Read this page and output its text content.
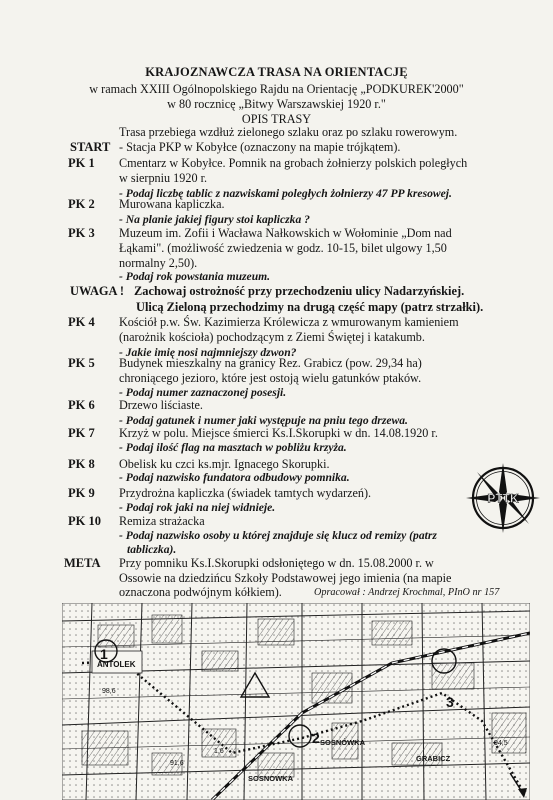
KRAJOZNAWCZA TRASA NA ORIENTACJĘ
w ramach XXIII Ogólnopolskiego Rajdu na Orientację „PODKUREK'2000"
w 80 rocznicę „Bitwy Warszawskiej 1920 r."
OPIS TRASY
Trasa przebiega wzdłuż zielonego szlaku oraz po szlaku rowerowym.
START - Stacja PKP w Kobyłce (oznaczony na mapie trójkątem).
PK 1 Cmentarz w Kobyłce. Pomnik na grobach żołnierzy polskich poległych
w sierpniu 1920 r.
- Podaj liczbę tablic z nazwiskami poległych żołnierzy 47 PP kresowej.
PK 2 Murowana kapliczka.
- Na planie jakiej figury stoi kapliczka ?
PK 3 Muzeum im. Zofii i Wacława Nałkowskich w Wołominie „Dom nad
Łąkami". (możliwość zwiedzenia w godz. 10-15, bilet ulgowy 1,50
normalny 2,50).
- Podaj rok powstania muzeum.
UWAGA ! Zachowaj ostrożność przy przechodzeniu ulicy Nadarzyńskiej.
Ulicą Zieloną przechodzimy na drugą część mapy (patrz strzałki).
PK 4 Kościół p.w. Św. Kazimierza Królewicza z wmurowanym kamieniem
(narożnik kościoła) pochodzącym z Ziemi Świętej i katakumb.
- Jakie imię nosi najmniejszy dzwon?
PK 5 Budynek mieszkalny na granicy Rez. Grabicz (pow. 29,34 ha)
chroniącego jezioro, które jest ostoją wielu gatunków ptaków.
- Podaj numer zaznaczonej posesji.
PK 6 Drzewo liściaste.
- Podaj gatunek i numer jaki występuje na pniu tego drzewa.
PK 7 Krzyż w polu. Miejsce śmierci Ks.I.Skorupki w dn. 14.08.1920 r.
- Podaj ilość flag na masztach w pobliżu krzyża.
PK 8 Obelisk ku czci ks.mjr. Ignacego Skorupki.
- Podaj nazwisko fundatora odbudowy pomnika.
PK 9 Przydrożna kapliczka (świadek tamtych wydarzeń).
- Podaj rok jaki na niej widnieje.
PK 10 Remiza strażacka
- Podaj nazwisko osoby u której znajduje się klucz od remizy (patrz
tabliczka).
META Przy pomniku Ks.I.Skorupki odsłoniętego w dn. 15.08.2000 r. w
Ossowie na dziedzińcu Szkoły Podstawowej jego imienia (na mapie
oznaczona podwójnym kółkiem).	Opracował : Andrzej Krochmal, PInO nr 157
PTTK
ANTOLEK
1
2
3
SOSNÓWKA
SOSNOWKA
GRABICZ
98,6
94,5
91,6
1,6
